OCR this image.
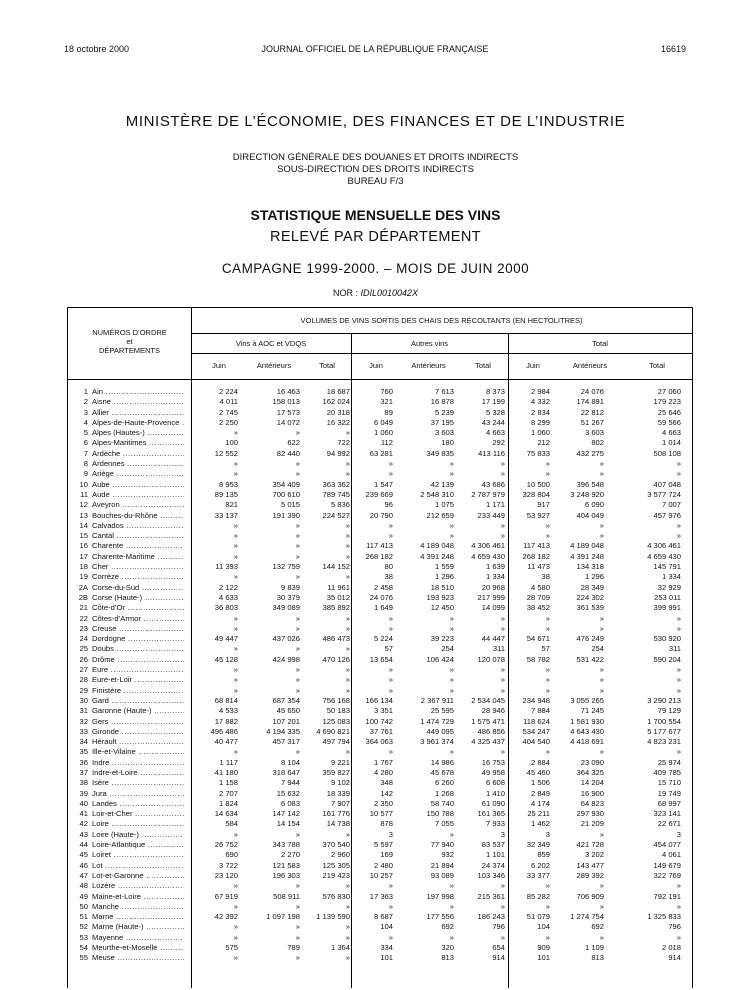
18 octobre 2000	JOURNAL OFFICIEL DE LA RÉPUBLIQUE FRANÇAISE	16619
MINISTÈRE DE L’ÉCONOMIE, DES FINANCES ET DE L’INDUSTRIE
DIRECTION GÉNÉRALE DES DOUANES ET DROITS INDIRECTS
SOUS-DIRECTION DES DROITS INDIRECTS
BUREAU F/3
STATISTIQUE MENSUELLE DES VINS
RELEVÉ PAR DÉPARTEMENT
CAMPAGNE 1999-2000. – MOIS DE JUIN 2000
NOR : IDIL0010042X
NUMÉROS D’ORDRE
et
DÉPARTEMENTS
VOLUMES DE VINS SORTIS DES CHAIS DES RÉCOLTANTS (EN HECTOLITRES)
Vins à AOC et VDQS	Autres vins	Total
Juin	Antérieurs	Total	Juin	Antérieurs	Total	Juin	Antérieurs	Total
1 Ain .....	2 224	16 463	18 687	760	7 613	8 373	2 984	24 076	27 060
2 Aisne .....	4 011	158 013	162 024	321	16 878	17 199	4 332	174 891	179 223
3 Allier .....	2 745	17 573	20 318	89	5 239	5 328	2 834	22 812	25 646
4 Alpes-de-Haute-Provence .....	2 250	14 072	16 322	6 049	37 195	43 244	8 299	51 267	59 566
5 Alpes (Hautes-) .....	»	»	»	1 060	3 603	4 663	1 060	3 603	4 663
6 Alpes-Maritimes .....	100	622	722	112	180	292	212	802	1 014
7 Ardèche .....	12 552	82 440	94 992	63 281	349 835	413 116	75 833	432 275	508 108
8 Ardennes .....	»	»	»	»	»	»	»	»	»
9 Ariège .....	»	»	»	»	»	»	»	»	»
10 Aube .....	8 953	354 409	363 362	1 547	42 139	43 686	10 500	396 548	407 048
11 Aude .....	89 135	700 610	789 745	239 669	2 548 310	2 787 979	328 804	3 248 920	3 577 724
12 Aveyron .....	821	5 015	5 836	96	1 075	1 171	917	6 090	7 007
13 Bouches-du-Rhône .....	33 137	191 390	224 527	20 790	212 659	233 449	53 927	404 049	457 976
14 Calvados .....	»	»	»	»	»	»	»	»	»
15 Cantal .....	»	»	»	»	»	»	»	»	»
16 Charente .....	»	»	»	117 413	4 189 048	4 306 461	117 413	4 189 048	4 306 461
17 Charente-Maritime .....	»	»	»	268 182	4 391 248	4 659 430	268 182	4 391 248	4 659 430
18 Cher .....	11 393	132 759	144 152	80	1 559	1 639	11 473	134 318	145 791
19 Corrèze .....	»	»	»	38	1 296	1 334	38	1 296	1 334
2A Corse-du-Sud .....	2 122	9 839	11 961	2 458	18 510	20 968	4 580	28 349	32 929
2B Corse (Haute-) .....	4 633	30 379	35 012	24 076	193 923	217 999	28 709	224 302	253 011
21 Côte-d’Or .....	36 803	349 089	385 892	1 649	12 450	14 099	38 452	361 539	399 991
22 Côtes-d’Armor .....	»	»	»	»	»	»	»	»	»
23 Creuse .....	»	»	»	»	»	»	»	»	»
24 Dordogne .....	49 447	437 026	486 473	5 224	39 223	44 447	54 671	476 249	530 920
25 Doubs .....	»	»	»	57	254	311	57	254	311
26 Drôme .....	45 128	424 998	470 126	13 654	106 424	120 078	58 782	531 422	590 204
27 Eure .....	»	»	»	»	»	»	»	»	»
28 Eure-et-Loir .....	»	»	»	»	»	»	»	»	»
29 Finistère .....	»	»	»	»	»	»	»	»	»
30 Gard .....	68 814	687 354	756 168	166 134	2 367 911	2 534 045	234 948	3 055 265	3 290 213
31 Garonne (Haute-) .....	4 533	45 650	50 183	3 351	25 595	28 946	7 884	71 245	79 129
32 Gers .....	17 882	107 201	125 083	100 742	1 474 729	1 575 471	118 624	1 581 930	1 700 554
33 Gironde .....	496 486	4 194 335	4 690 821	37 761	449 095	486 856	534 247	4 643 430	5 177 677
34 Hérault .....	40 477	457 317	497 794	364 063	3 961 374	4 325 437	404 540	4 418 691	4 823 231
35 Ille-et-Vilaine .....	»	»	»	»	»	»	»	»	»
36 Indre .....	1 117	8 104	9 221	1 767	14 986	16 753	2 884	23 090	25 974
37 Indre-et-Loire .....	41 180	318 647	359 827	4 280	45 678	49 958	45 460	364 325	409 785
38 Isère .....	1 158	7 944	9 102	348	6 260	6 608	1 506	14 204	15 710
39 Jura .....	2 707	15 632	18 339	142	1 268	1 410	2 849	16 900	19 749
40 Landes .....	1 824	6 083	7 907	2 350	58 740	61 090	4 174	64 823	68 997
41 Loir-et-Cher .....	14 634	147 142	161 776	10 577	150 788	161 365	25 211	297 930	323 141
42 Loire .....	584	14 154	14 738	878	7 055	7 933	1 462	21 209	22 671
43 Loire (Haute-) .....	»	»	»	3	»	3	3	»	3
44 Loire-Atlantique .....	26 752	343 788	370 540	5 597	77 940	83 537	32 349	421 728	454 077
45 Loiret .....	690	2 270	2 960	169	932	1 101	859	3 202	4 061
46 Lot .....	3 722	121 583	125 305	2 480	21 894	24 374	6 202	143 477	149 679
47 Lot-et-Garonne .....	23 120	196 303	219 423	10 257	93 089	103 346	33 377	289 392	322 769
48 Lozère .....	»	»	»	»	»	»	»	»	»
49 Maine-et-Loire .....	67 919	508 911	576 830	17 363	197 998	215 361	85 282	706 909	792 191
50 Manche .....	»	»	»	»	»	»	»	»	»
51 Marne .....	42 392	1 097 198	1 139 590	8 687	177 556	186 243	51 079	1 274 754	1 325 833
52 Marne (Haute-) .....	»	»	»	104	692	796	104	692	796
53 Mayenne .....	»	»	»	»	»	»	»	»	»
54 Meurthe-et-Moselle .....	575	789	1 364	334	320	654	909	1 109	2 018
55 Meuse .....	»	»	»	101	813	914	101	813	914
